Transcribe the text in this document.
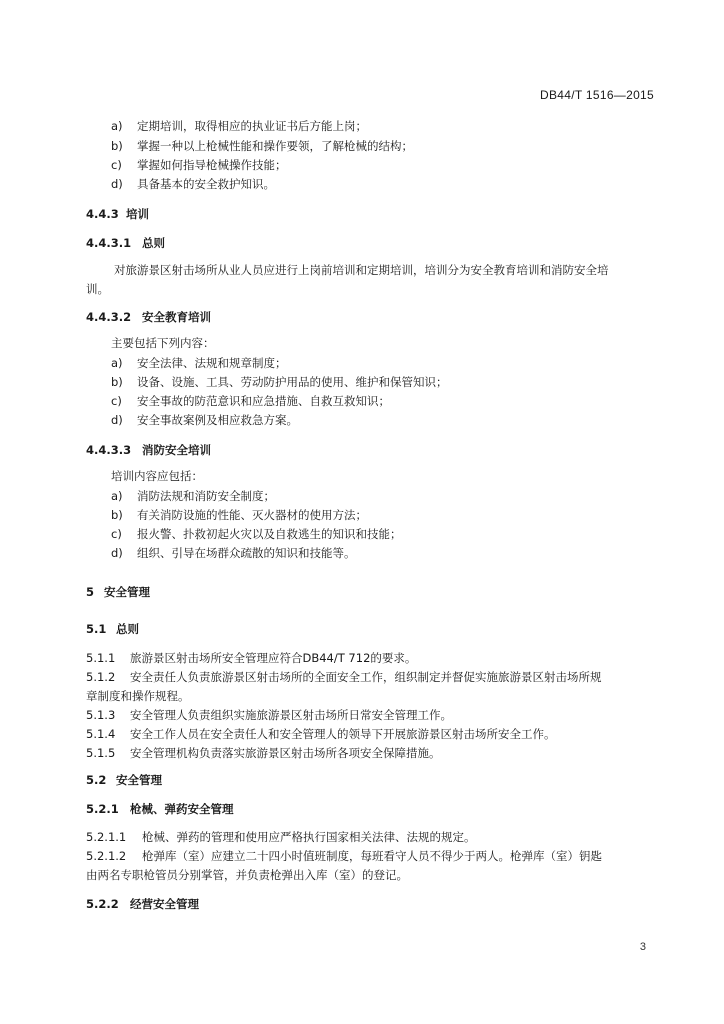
DB44/T 1516—2015
a) 定期培训，取得相应的执业证书后方能上岗；
b) 掌握一种以上枪械性能和操作要领，了解枪械的结构；
c) 掌握如何指导枪械操作技能；
d) 具备基本的安全救护知识。
4.4.3 培训
4.4.3.1 总则
对旅游景区射击场所从业人员应进行上岗前培训和定期培训，培训分为安全教育培训和消防安全培
训。
4.4.3.2 安全教育培训
主要包括下列内容：
a) 安全法律、法规和规章制度；
b) 设备、设施、工具、劳动防护用品的使用、维护和保管知识；
c) 安全事故的防范意识和应急措施、自救互救知识；
d) 安全事故案例及相应救急方案。
4.4.3.3 消防安全培训
培训内容应包括：
a) 消防法规和消防安全制度；
b) 有关消防设施的性能、灭火器材的使用方法；
c) 报火警、扑救初起火灾以及自救逃生的知识和技能；
d) 组织、引导在场群众疏散的知识和技能等。
5 安全管理
5.1 总则
5.1.1 旅游景区射击场所安全管理应符合DB44/T 712的要求。
5.1.2 安全责任人负责旅游景区射击场所的全面安全工作，组织制定并督促实施旅游景区射击场所规
章制度和操作规程。
5.1.3 安全管理人负责组织实施旅游景区射击场所日常安全管理工作。
5.1.4 安全工作人员在安全责任人和安全管理人的领导下开展旅游景区射击场所安全工作。
5.1.5 安全管理机构负责落实旅游景区射击场所各项安全保障措施。
5.2 安全管理
5.2.1 枪械、弹药安全管理
5.2.1.1 枪械、弹药的管理和使用应严格执行国家相关法律、法规的规定。
5.2.1.2 枪弹库（室）应建立二十四小时值班制度，每班看守人员不得少于两人。枪弹库（室）钥匙
由两名专职枪管员分别掌管，并负责枪弹出入库（室）的登记。
5.2.2 经营安全管理
3
